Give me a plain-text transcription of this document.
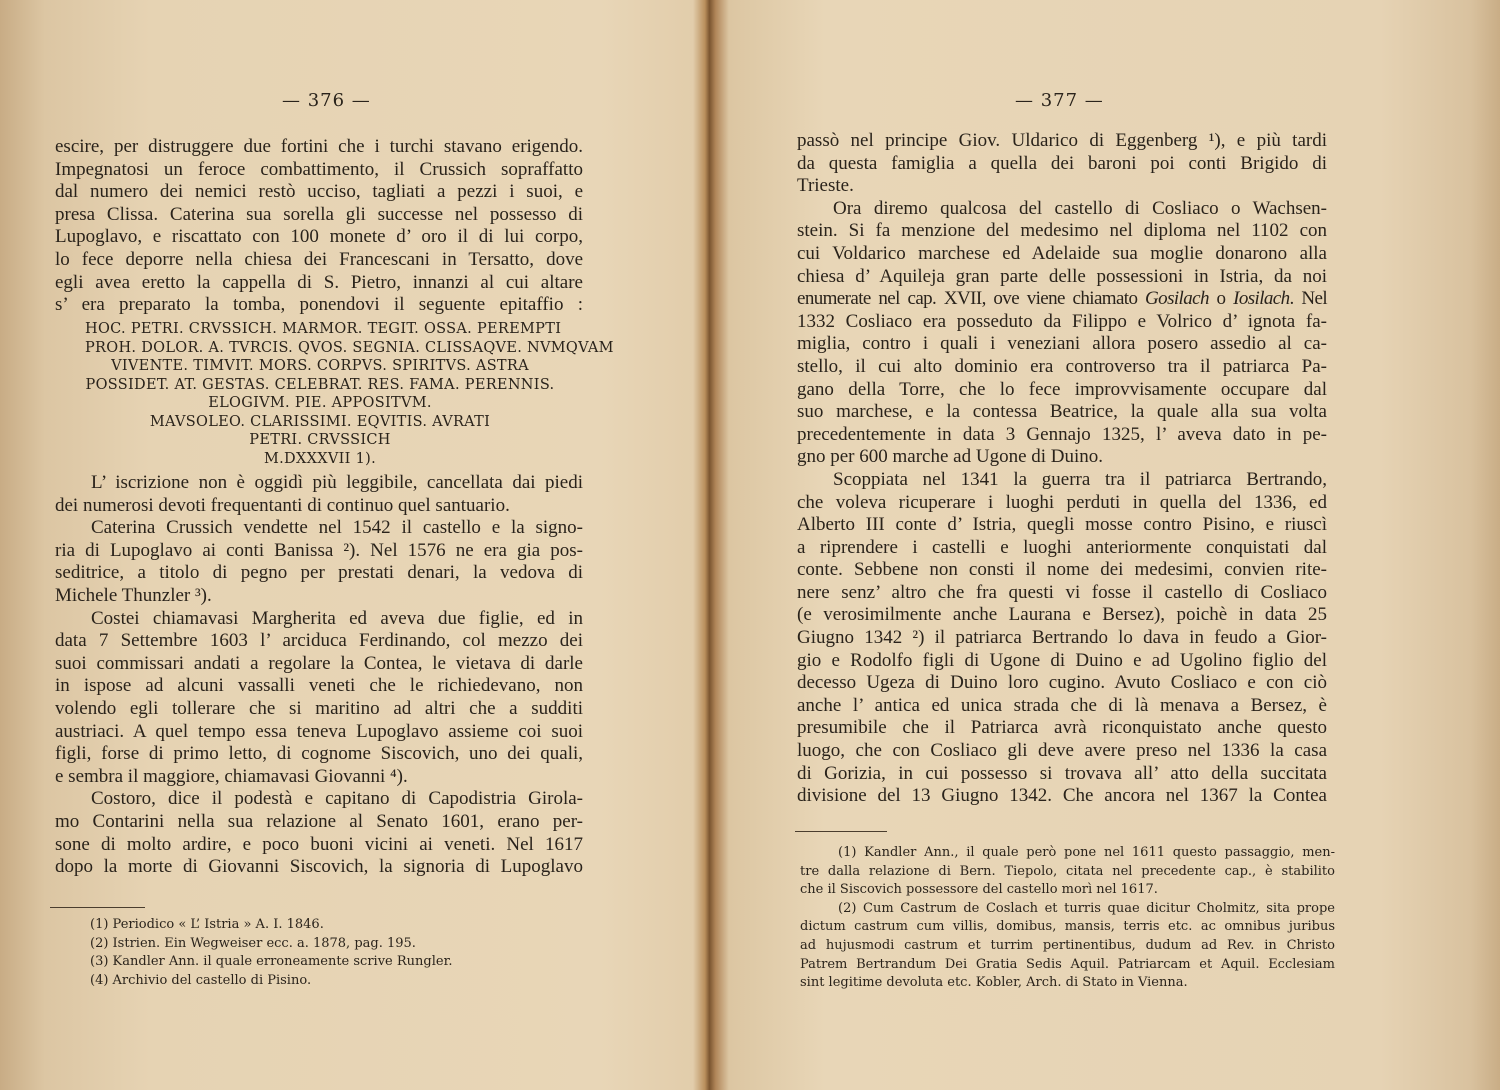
— 376 —
escire, per distruggere due fortini che i turchi stavano erigendo.
Impegnatosi un feroce combattimento, il Crussich sopraffatto
dal numero dei nemici restò ucciso, tagliati a pezzi i suoi, e
presa Clissa. Caterina sua sorella gli successe nel possesso di
Lupoglavo, e riscattato con 100 monete d’ oro il di lui corpo,
lo fece deporre nella chiesa dei Francescani in Tersatto, dove
egli avea eretto la cappella di S. Pietro, innanzi al cui altare
s’ era preparato la tomba, ponendovi il seguente epitaffio :
HOC. PETRI. CRVSSICH. MARMOR. TEGIT. OSSA. PEREMPTI
PROH. DOLOR. A. TVRCIS. QVOS. SEGNIA. CLISSAQVE. NVMQVAM
VIVENTE. TIMVIT. MORS. CORPVS. SPIRITVS. ASTRA
POSSIDET. AT. GESTAS. CELEBRAT. RES. FAMA. PERENNIS.
ELOGIVM. PIE. APPOSITVM.
MAVSOLEO. CLARISSIMI. EQVITIS. AVRATI
PETRI. CRVSSICH
M.DXXXVII 1).
L’ iscrizione non è oggidì più leggibile, cancellata dai piedi
dei numerosi devoti frequentanti di continuo quel santuario.
Caterina Crussich vendette nel 1542 il castello e la signo-
ria di Lupoglavo ai conti Banissa ²). Nel 1576 ne era gia pos-
seditrice, a titolo di pegno per prestati denari, la vedova di
Michele Thunzler ³).
Costei chiamavasi Margherita ed aveva due figlie, ed in
data 7 Settembre 1603 l’ arciduca Ferdinando, col mezzo dei
suoi commissari andati a regolare la Contea, le vietava di darle
in ispose ad alcuni vassalli veneti che le richiedevano, non
volendo egli tollerare che si maritino ad altri che a sudditi
austriaci. A quel tempo essa teneva Lupoglavo assieme coi suoi
figli, forse di primo letto, di cognome Siscovich, uno dei quali,
e sembra il maggiore, chiamavasi Giovanni ⁴).
Costoro, dice il podestà e capitano di Capodistria Girola-
mo Contarini nella sua relazione al Senato 1601, erano per-
sone di molto ardire, e poco buoni vicini ai veneti. Nel 1617
dopo la morte di Giovanni Siscovich, la signoria di Lupoglavo
(1) Periodico « L’ Istria » A. I. 1846.
(2) Istrien. Ein Wegweiser ecc. a. 1878, pag. 195.
(3) Kandler Ann. il quale erroneamente scrive Rungler.
(4) Archivio del castello di Pisino.
— 377 —
passò nel principe Giov. Uldarico di Eggenberg ¹), e più tardi
da questa famiglia a quella dei baroni poi conti Brigido di
Trieste.
Ora diremo qualcosa del castello di Cosliaco o Wachsen-
stein. Si fa menzione del medesimo nel diploma nel 1102 con
cui Voldarico marchese ed Adelaide sua moglie donarono alla
chiesa d’ Aquileja gran parte delle possessioni in Istria, da noi
enumerate nel cap. XVII, ove viene chiamato Gosilach o Iosilach. Nel
1332 Cosliaco era posseduto da Filippo e Volrico d’ ignota fa-
miglia, contro i quali i veneziani allora posero assedio al ca-
stello, il cui alto dominio era controverso tra il patriarca Pa-
gano della Torre, che lo fece improvvisamente occupare dal
suo marchese, e la contessa Beatrice, la quale alla sua volta
precedentemente in data 3 Gennajo 1325, l’ aveva dato in pe-
gno per 600 marche ad Ugone di Duino.
Scoppiata nel 1341 la guerra tra il patriarca Bertrando,
che voleva ricuperare i luoghi perduti in quella del 1336, ed
Alberto III conte d’ Istria, quegli mosse contro Pisino, e riuscì
a riprendere i castelli e luoghi anteriormente conquistati dal
conte. Sebbene non consti il nome dei medesimi, convien rite-
nere senz’ altro che fra questi vi fosse il castello di Cosliaco
(e verosimilmente anche Laurana e Bersez), poichè in data 25
Giugno 1342 ²) il patriarca Bertrando lo dava in feudo a Gior-
gio e Rodolfo figli di Ugone di Duino e ad Ugolino figlio del
decesso Ugeza di Duino loro cugino. Avuto Cosliaco e con ciò
anche l’ antica ed unica strada che di là menava a Bersez, è
presumibile che il Patriarca avrà riconquistato anche questo
luogo, che con Cosliaco gli deve avere preso nel 1336 la casa
di Gorizia, in cui possesso si trovava all’ atto della succitata
divisione del 13 Giugno 1342. Che ancora nel 1367 la Contea
(1) Kandler Ann., il quale però pone nel 1611 questo passaggio, men-
tre dalla relazione di Bern. Tiepolo, citata nel precedente cap., è stabilito
che il Siscovich possessore del castello morì nel 1617.
(2) Cum Castrum de Coslach et turris quae dicitur Cholmitz, sita prope
dictum castrum cum villis, domibus, mansis, terris etc. ac omnibus juribus
ad hujusmodi castrum et turrim pertinentibus, dudum ad Rev. in Christo
Patrem Bertrandum Dei Gratia Sedis Aquil. Patriarcam et Aquil. Ecclesiam
sint legitime devoluta etc. Kobler, Arch. di Stato in Vienna.
